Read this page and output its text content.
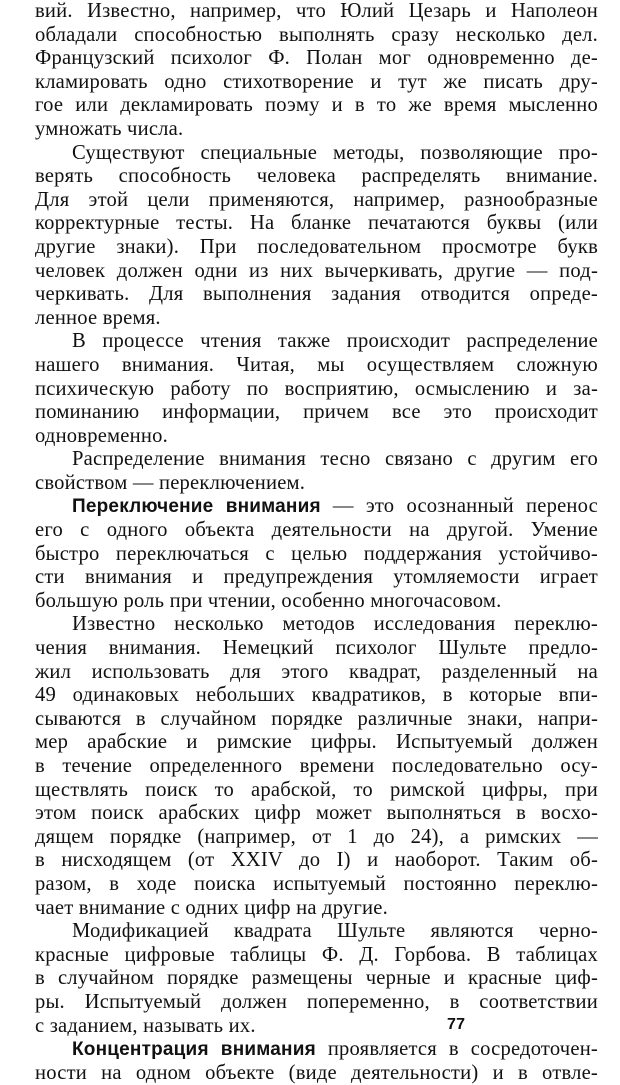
вий. Известно, например, что Юлий Цезарь и Наполеон
обладали способностью выполнять сразу несколько дел.
Французский психолог Ф. Полан мог одновременно де-
кламировать одно стихотворение и тут же писать дру-
гое или декламировать поэму и в то же время мысленно
умножать числа.
Существуют специальные методы, позволяющие про-
верять способность человека распределять внимание.
Для этой цели применяются, например, разнообразные
корректурные тесты. На бланке печатаются буквы (или
другие знаки). При последовательном просмотре букв
человек должен одни из них вычеркивать, другие — под-
черкивать. Для выполнения задания отводится опреде-
ленное время.
В процессе чтения также происходит распределение
нашего внимания. Читая, мы осуществляем сложную
психическую работу по восприятию, осмыслению и за-
поминанию информации, причем все это происходит
одновременно.
Распределение внимания тесно связано с другим его
свойством — переключением.
Переключение внимания — это осознанный перенос
его с одного объекта деятельности на другой. Умение
быстро переключаться с целью поддержания устойчиво-
сти внимания и предупреждения утомляемости играет
большую роль при чтении, особенно многочасовом.
Известно несколько методов исследования переклю-
чения внимания. Немецкий психолог Шульте предло-
жил использовать для этого квадрат, разделенный на
49 одинаковых небольших квадратиков, в которые впи-
сываются в случайном порядке различные знаки, напри-
мер арабские и римские цифры. Испытуемый должен
в течение определенного времени последовательно осу-
ществлять поиск то арабской, то римской цифры, при
этом поиск арабских цифр может выполняться в восхо-
дящем порядке (например, от 1 до 24), а римских —
в нисходящем (от XXIV до I) и наоборот. Таким об-
разом, в ходе поиска испытуемый постоянно переклю-
чает внимание с одних цифр на другие.
Модификацией квадрата Шульте являются черно-
красные цифровые таблицы Ф. Д. Горбова. В таблицах
в случайном порядке размещены черные и красные циф-
ры. Испытуемый должен попеременно, в соответствии
с заданием, называть их.
Концентрация внимания проявляется в сосредоточен-
ности на одном объекте (виде деятельности) и в отвле-
77
